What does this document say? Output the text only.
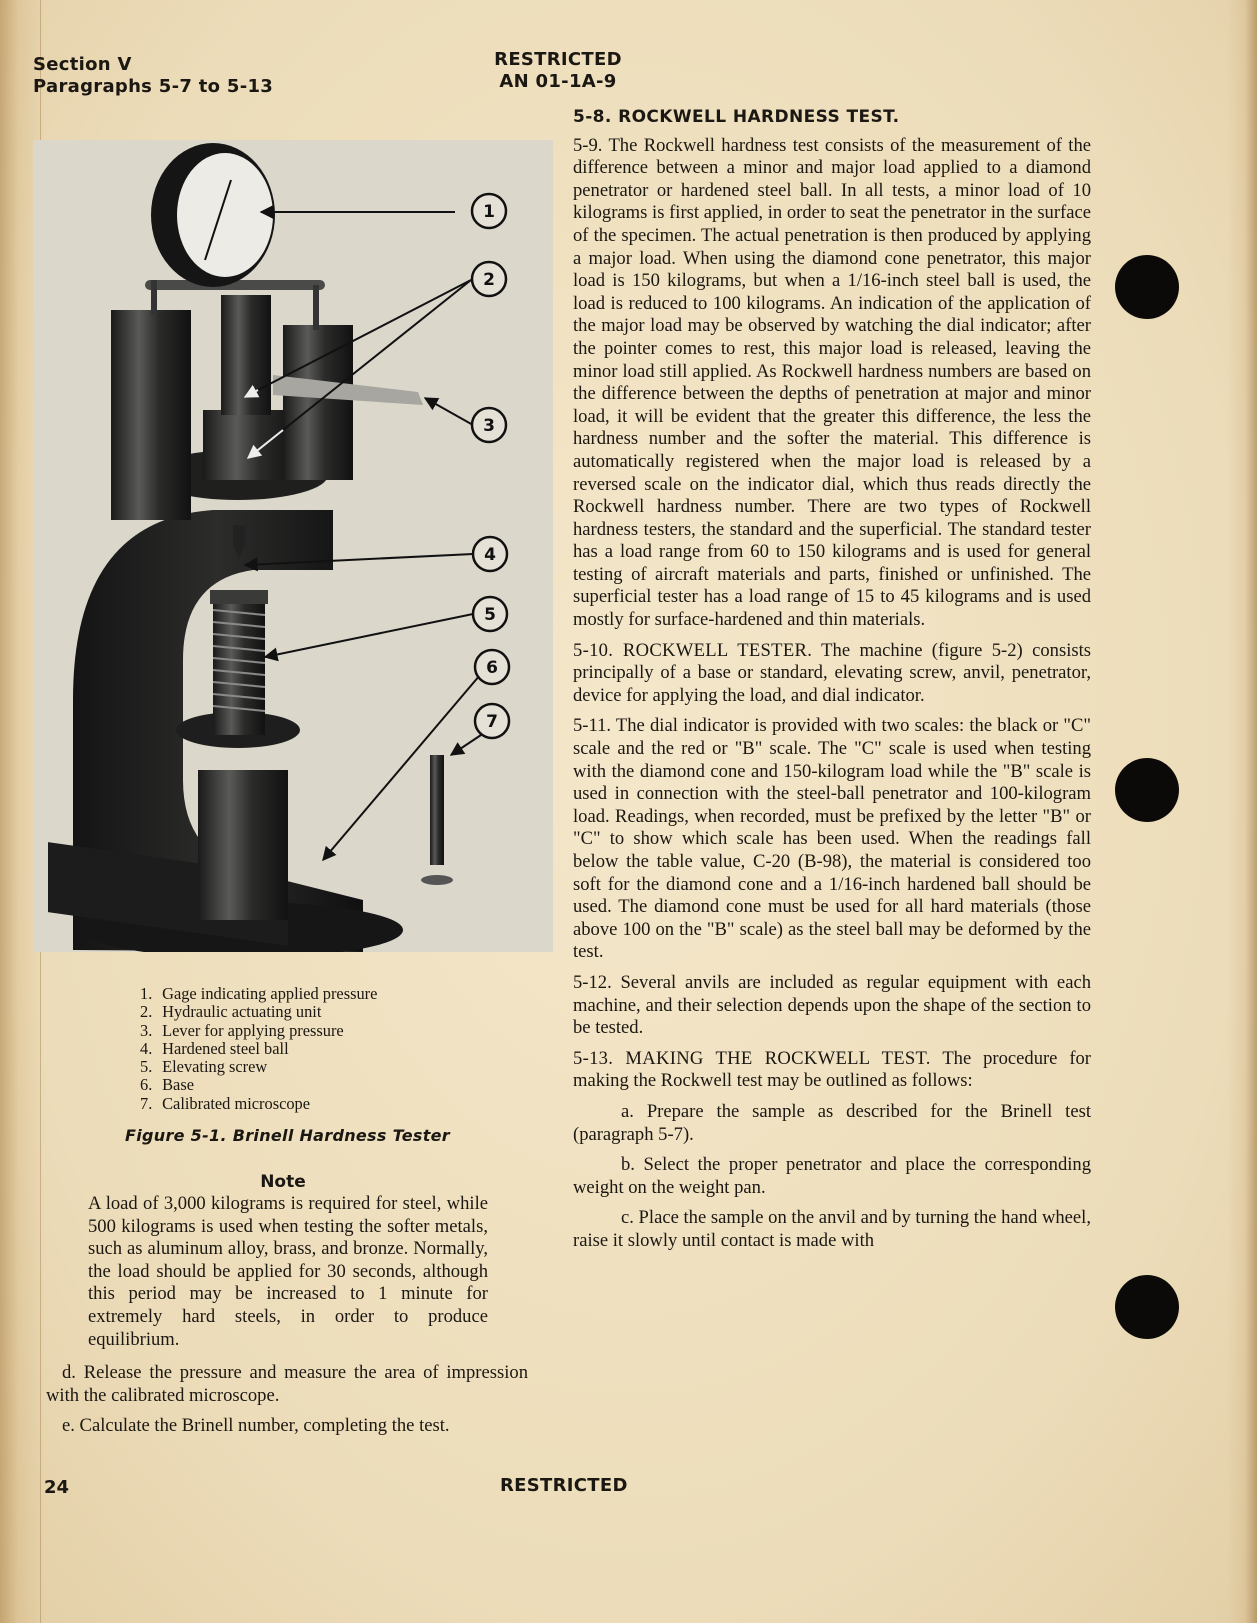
Section V
Paragraphs 5-7 to 5-13
RESTRICTED
AN 01-1A-9
1
2
3
4
5
6
7
1. Gage indicating applied pressure
2. Hydraulic actuating unit
3. Lever for applying pressure
4. Hardened steel ball
5. Elevating screw
6. Base
7. Calibrated microscope
Figure 5-1. Brinell Hardness Tester
Note
A load of 3,000 kilograms is required for steel, while 500 kilograms is used when testing the softer metals, such as aluminum alloy, brass, and bronze. Normally, the load should be applied for 30 seconds, although this period may be increased to 1 minute for extremely hard steels, in order to produce equilibrium.

d. Release the pressure and measure the area of impression with the calibrated microscope.

e. Calculate the Brinell number, completing the test.

5-8. ROCKWELL HARDNESS TEST.

5-9. The Rockwell hardness test consists of the measurement of the difference between a minor and major load applied to a diamond penetrator or hardened steel ball. In all tests, a minor load of 10 kilograms is first applied, in order to seat the penetrator in the surface of the specimen. The actual penetration is then produced by applying a major load. When using the diamond cone penetrator, this major load is 150 kilograms, but when a 1/16-inch steel ball is used, the load is reduced to 100 kilograms. An indication of the application of the major load may be observed by watching the dial indicator; after the pointer comes to rest, this major load is released, leaving the minor load still applied. As Rockwell hardness numbers are based on the difference between the depths of penetration at major and minor load, it will be evident that the greater this difference, the less the hardness number and the softer the material. This difference is automatically registered when the major load is released by a reversed scale on the indicator dial, which thus reads directly the Rockwell hardness number. There are two types of Rockwell hardness testers, the standard and the superficial. The standard tester has a load range from 60 to 150 kilograms and is used for general testing of aircraft materials and parts, finished or unfinished. The superficial tester has a load range of 15 to 45 kilograms and is used mostly for surface-hardened and thin materials.

5-10. ROCKWELL TESTER. The machine (figure 5-2) consists principally of a base or standard, elevating screw, anvil, penetrator, device for applying the load, and dial indicator.

5-11. The dial indicator is provided with two scales: the black or "C" scale and the red or "B" scale. The "C" scale is used when testing with the diamond cone and 150-kilogram load while the "B" scale is used in connection with the steel-ball penetrator and 100-kilogram load. Readings, when recorded, must be prefixed by the letter "B" or "C" to show which scale has been used. When the readings fall below the table value, C-20 (B-98), the material is considered too soft for the diamond cone and a 1/16-inch hardened ball should be used. The diamond cone must be used for all hard materials (those above 100 on the "B" scale) as the steel ball may be deformed by the test.

5-12. Several anvils are included as regular equipment with each machine, and their selection depends upon the shape of the section to be tested.

5-13. MAKING THE ROCKWELL TEST. The procedure for making the Rockwell test may be outlined as follows:

a. Prepare the sample as described for the Brinell test (paragraph 5-7).

b. Select the proper penetrator and place the corresponding weight on the weight pan.

c. Place the sample on the anvil and by turning the hand wheel, raise it slowly until contact is made with

24	RESTRICTED
